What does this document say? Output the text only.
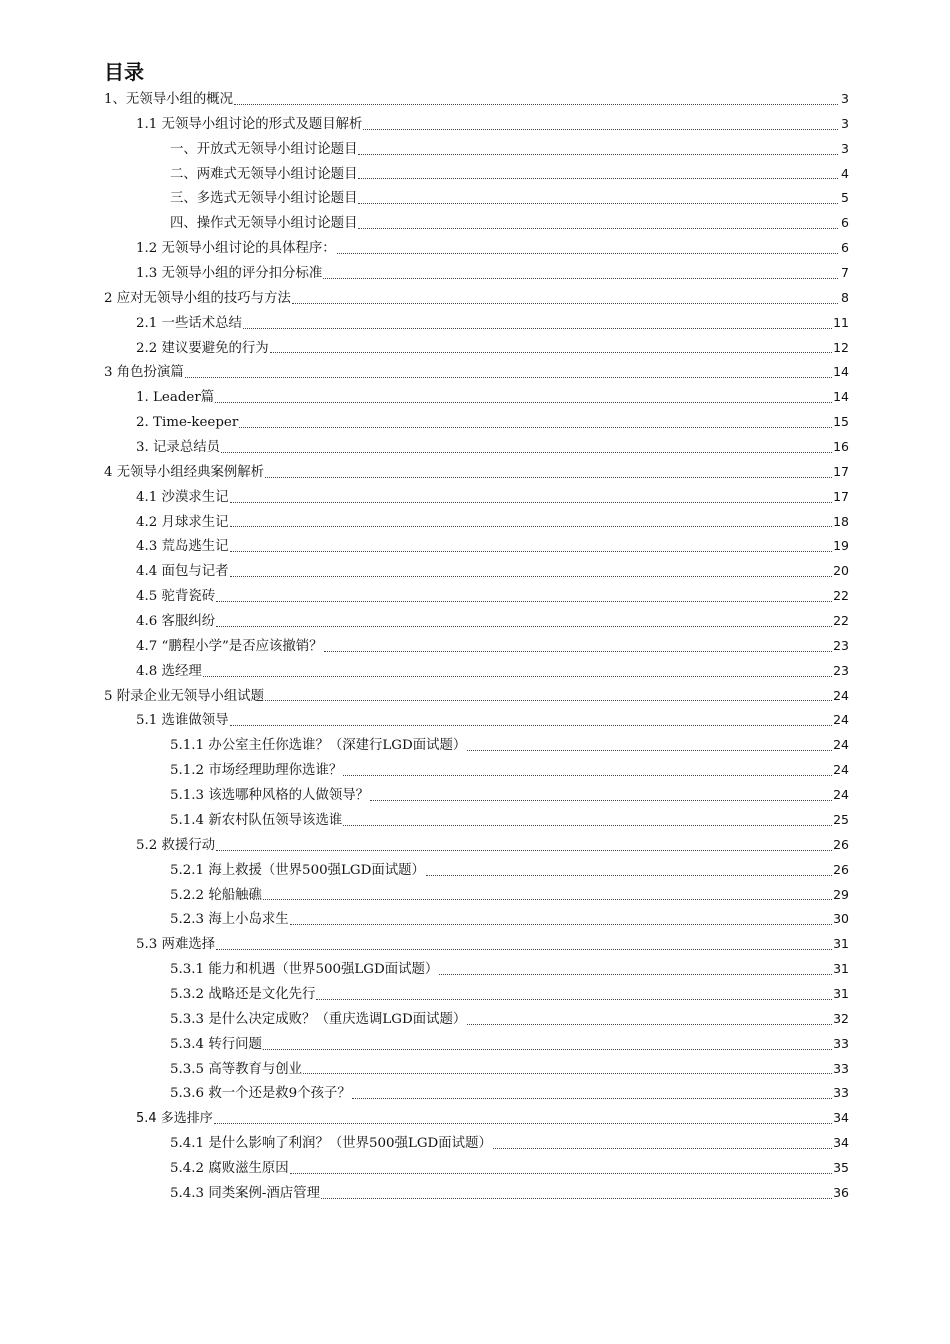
目录
1、无领导小组的概况	3
1.1 无领导小组讨论的形式及题目解析	3
一、开放式无领导小组讨论题目	3
二、两难式无领导小组讨论题目	4
三、多选式无领导小组讨论题目	5
四、操作式无领导小组讨论题目	6
1.2 无领导小组讨论的具体程序：	6
1.3 无领导小组的评分扣分标准	7
2 应对无领导小组的技巧与方法	8
2.1 一些话术总结	11
2.2 建议要避免的行为	12
3 角色扮演篇	14
1. Leader篇	14
2. Time-keeper	15
3. 记录总结员	16
4 无领导小组经典案例解析	17
4.1 沙漠求生记	17
4.2 月球求生记	18
4.3 荒岛逃生记	19
4.4 面包与记者	20
4.5 驼背瓷砖	22
4.6 客服纠纷	22
4.7 “鹏程小学”是否应该撤销？	23
4.8 选经理	23
5 附录企业无领导小组试题	24
5.1 选谁做领导	24
5.1.1 办公室主任你选谁？（深建行LGD面试题）	24
5.1.2 市场经理助理你选谁？	24
5.1.3 该选哪种风格的人做领导？	24
5.1.4 新农村队伍领导该选谁	25
5.2 救援行动	26
5.2.1 海上救援（世界500强LGD面试题）	26
5.2.2 轮船触礁	29
5.2.3 海上小岛求生	30
5.3 两难选择	31
5.3.1 能力和机遇（世界500强LGD面试题）	31
5.3.2 战略还是文化先行	31
5.3.3 是什么决定成败？（重庆选调LGD面试题）	32
5.3.4 转行问题	33
5.3.5 高等教育与创业	33
5.3.6 救一个还是救9个孩子？	33
5.4 多选排序	34
5.4.1 是什么影响了利润？（世界500强LGD面试题）	34
5.4.2 腐败滋生原因	35
5.4.3 同类案例-酒店管理	36
